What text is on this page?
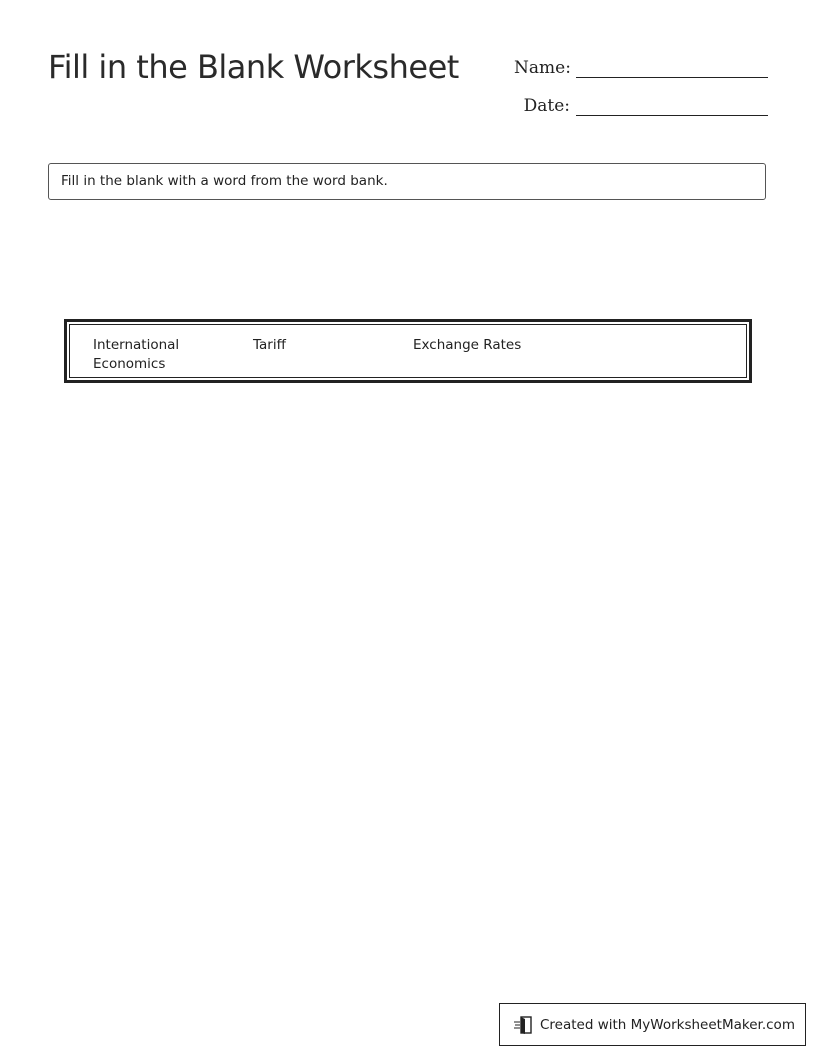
Fill in the Blank Worksheet	Name:
Date:
Fill in the blank with a word from the word bank.
International Economics
Tariff	Exchange Rates
Created with MyWorksheetMaker.com
